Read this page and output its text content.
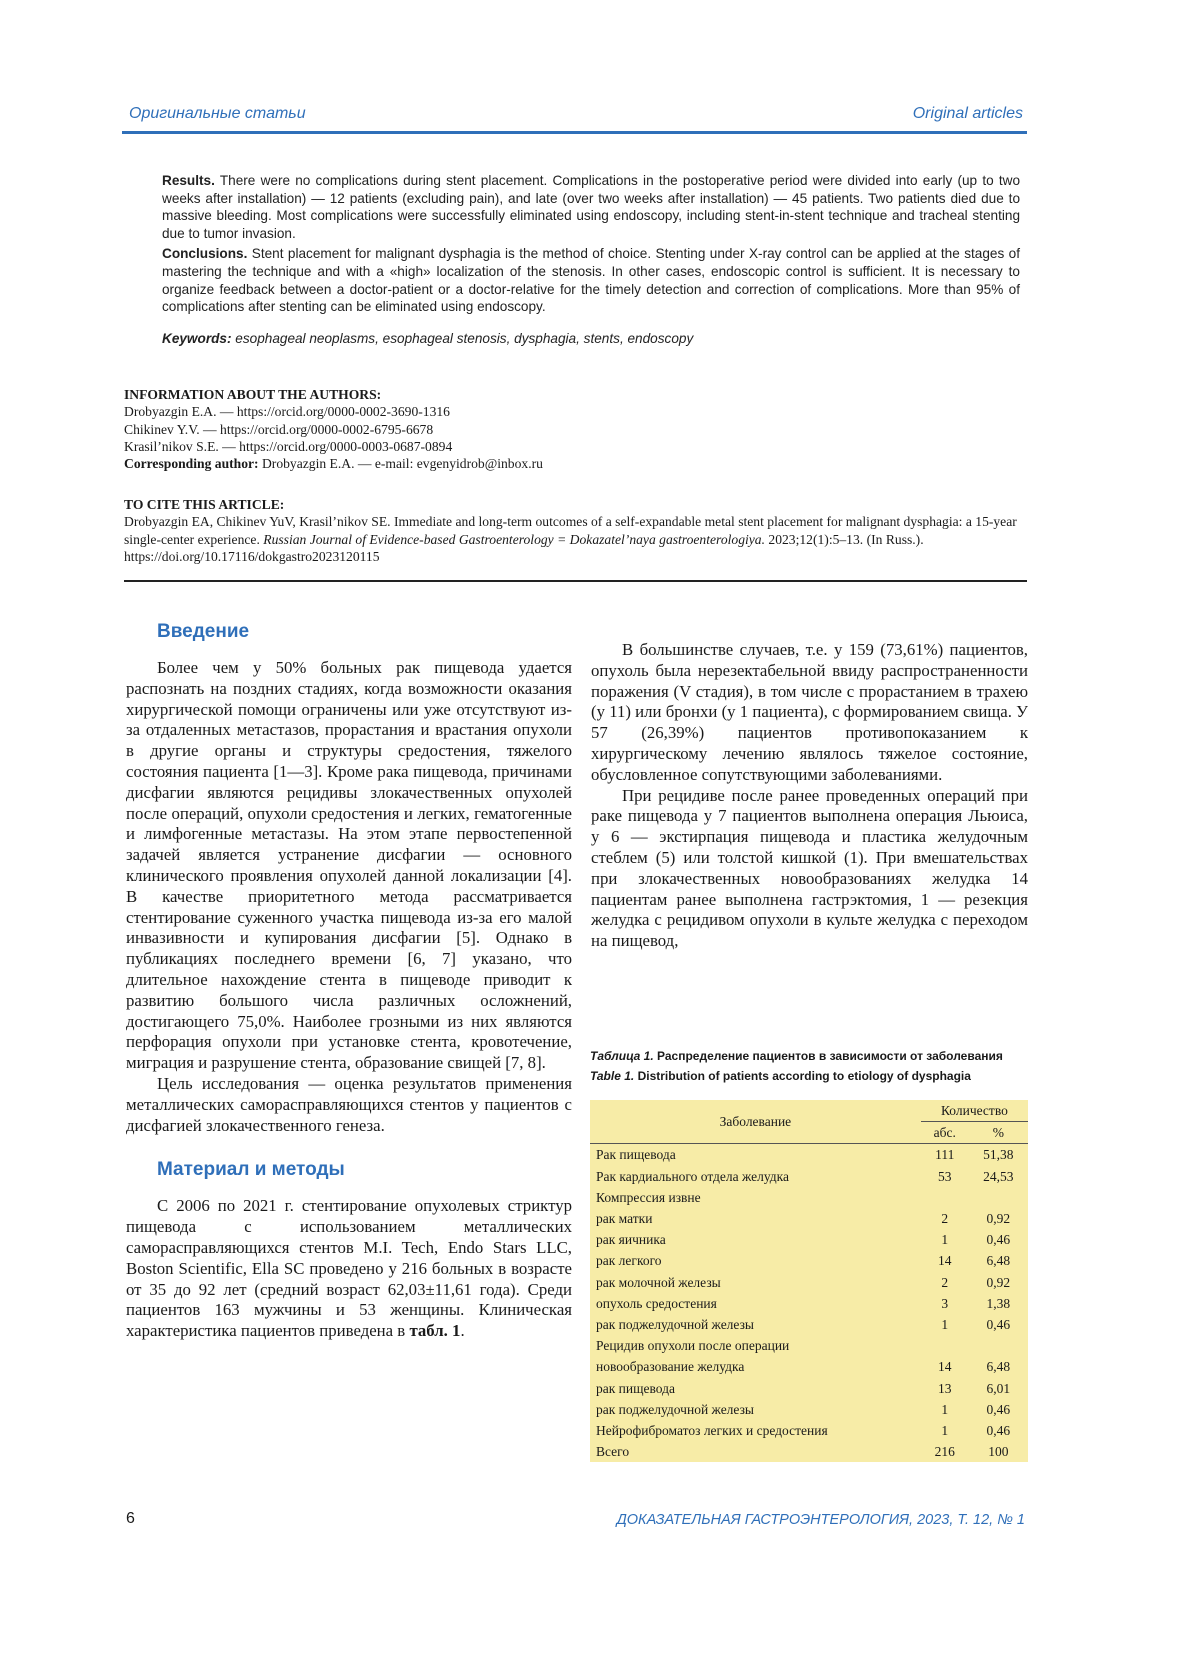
Оригинальные статьи	Original articles

Results. There were no complications during stent placement. Complications in the postoperative period were divided into early (up to two weeks after installation) — 12 patients (excluding pain), and late (over two weeks after installation) — 45 patients. Two patients died due to massive bleeding. Most complications were successfully eliminated using endoscopy, including stent-in-stent technique and tracheal stenting due to tumor invasion.

Conclusions. Stent placement for malignant dysphagia is the method of choice. Stenting under X-ray control can be applied at the stages of mastering the technique and with a «high» localization of the stenosis. In other cases, endoscopic control is sufficient. It is necessary to organize feedback between a doctor-patient or a doctor-relative for the timely detection and correction of complications. More than 95% of complications after stenting can be eliminated using endoscopy.

Keywords: esophageal neoplasms, esophageal stenosis, dysphagia, stents, endoscopy

INFORMATION ABOUT THE AUTHORS:
Drobyazgin E.A. — https://orcid.org/0000-0002-3690-1316
Chikinev Y.V. — https://orcid.org/0000-0002-6795-6678
Krasil’nikov S.E. — https://orcid.org/0000-0003-0687-0894
Corresponding author: Drobyazgin E.A. — e-mail: evgenyidrob@inbox.ru
TO CITE THIS ARTICLE:
Drobyazgin EA, Chikinev YuV, Krasil’nikov SE. Immediate and long-term outcomes of a self-expandable metal stent placement for malignant dysphagia: a 15-year single-center experience. Russian Journal of Evidence-based Gastroenterology = Dokazatel’naya gastroenterologiya. 2023;12(1):5–13. (In Russ.). https://doi.org/10.17116/dokgastro2023120115
Введение

Более чем у 50% больных рак пищевода удается распознать на поздних стадиях, когда возможности оказания хирургической помощи ограничены или уже отсутствуют из-за отдаленных метастазов, прорастания и врастания опухоли в другие органы и структуры средостения, тяжелого состояния пациента [1—3]. Кроме рака пищевода, причинами дисфагии являются рецидивы злокачественных опухолей после операций, опухоли средостения и легких, гематогенные и лимфогенные метастазы. На этом этапе первостепенной задачей является устранение дисфагии — основного клинического проявления опухолей данной локализации [4]. В качестве приоритетного метода рассматривается стентирование суженного участка пищевода из-за его малой инвазивности и купирования дисфагии [5]. Однако в публикациях последнего времени [6, 7] указано, что длительное нахождение стента в пищеводе приводит к развитию большого числа различных осложнений, достигающего 75,0%. Наиболее грозными из них являются перфорация опухоли при установке стента, кровотечение, миграция и разрушение стента, образование свищей [7, 8].

Цель исследования — оценка результатов применения металлических саморасправляющихся стентов у пациентов с дисфагией злокачественного генеза.

Материал и методы

С 2006 по 2021 г. стентирование опухолевых стриктур пищевода с использованием металлических саморасправляющихся стентов M.I. Tech, Endo Stars LLC, Boston Scientific, Ella SC проведено у 216 больных в возрасте от 35 до 92 лет (средний возраст 62,03±11,61 года). Среди пациентов 163 мужчины и 53 женщины. Клиническая характеристика пациентов приведена в табл. 1.

В большинстве случаев, т.е. у 159 (73,61%) пациентов, опухоль была нерезектабельной ввиду распространенности поражения (V стадия), в том числе с прорастанием в трахею (у 11) или бронхи (у 1 пациента), с формированием свища. У 57 (26,39%) пациентов противопоказанием к хирургическому лечению являлось тяжелое состояние, обусловленное сопутствующими заболеваниями.

При рецидиве после ранее проведенных операций при раке пищевода у 7 пациентов выполнена операция Льюиса, у 6 — экстирпация пищевода и пластика желудочным стеблем (5) или толстой кишкой (1). При вмешательствах при злокачественных новообразованиях желудка 14 пациентам ранее выполнена гастрэктомия, 1 — резекция желудка с рецидивом опухоли в культе желудка с переходом на пищевод,

Таблица 1. Распределение пациентов в зависимости от заболевания
Table 1. Distribution of patients according to etiology of dysphagia
Заболевание	Количество	
	абс.	%
Рак пищевода	111	51,38
Рак кардиального отдела желудка	53	24,53
Компрессия извне		
рак матки	2	0,92
рак яичника	1	0,46
рак легкого	14	6,48
рак молочной железы	2	0,92
опухоль средостения	3	1,38
рак поджелудочной железы	1	0,46
Рецидив опухоли после операции		
новообразование желудка	14	6,48
рак пищевода	13	6,01
рак поджелудочной железы	1	0,46
Нейрофиброматоз легких и средостения	1	0,46
Всего	216	100
6	ДОКАЗАТЕЛЬНАЯ ГАСТРОЭНТЕРОЛОГИЯ, 2023, Т. 12, № 1
